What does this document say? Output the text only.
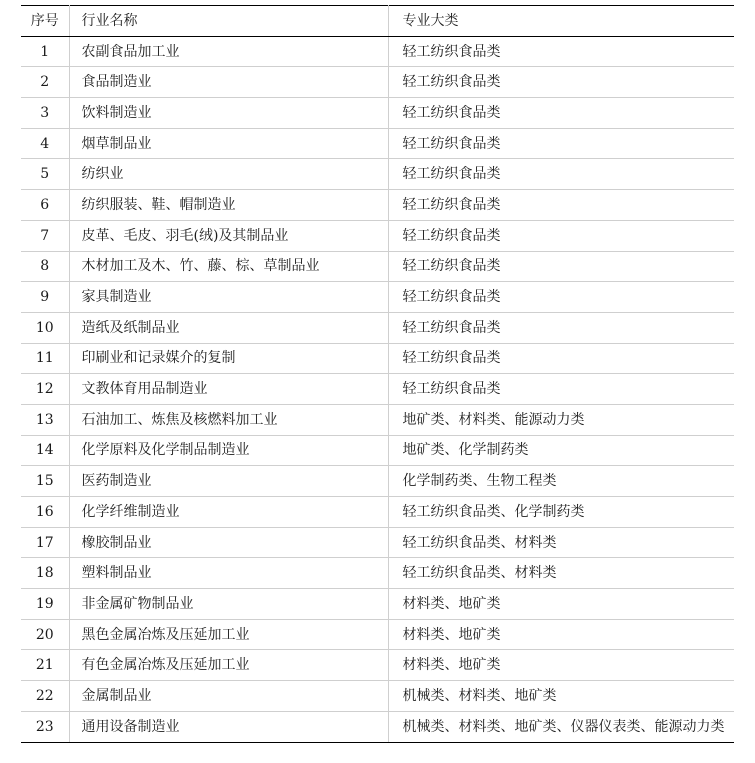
序号	行业名称	专业大类
1	农副食品加工业	轻工纺织食品类
2	食品制造业	轻工纺织食品类
3	饮料制造业	轻工纺织食品类
4	烟草制品业	轻工纺织食品类
5	纺织业	轻工纺织食品类
6	纺织服装、鞋、帽制造业	轻工纺织食品类
7	皮革、毛皮、羽毛(绒)及其制品业	轻工纺织食品类
8	木材加工及木、竹、藤、棕、草制品业	轻工纺织食品类
9	家具制造业	轻工纺织食品类
10	造纸及纸制品业	轻工纺织食品类
11	印刷业和记录媒介的复制	轻工纺织食品类
12	文教体育用品制造业	轻工纺织食品类
13	石油加工、炼焦及核燃料加工业	地矿类、材料类、能源动力类
14	化学原料及化学制品制造业	地矿类、化学制药类
15	医药制造业	化学制药类、生物工程类
16	化学纤维制造业	轻工纺织食品类、化学制药类
17	橡胶制品业	轻工纺织食品类、材料类
18	塑料制品业	轻工纺织食品类、材料类
19	非金属矿物制品业	材料类、地矿类
20	黑色金属冶炼及压延加工业	材料类、地矿类
21	有色金属冶炼及压延加工业	材料类、地矿类
22	金属制品业	机械类、材料类、地矿类
23	通用设备制造业	机械类、材料类、地矿类、仪器仪表类、能源动力类
